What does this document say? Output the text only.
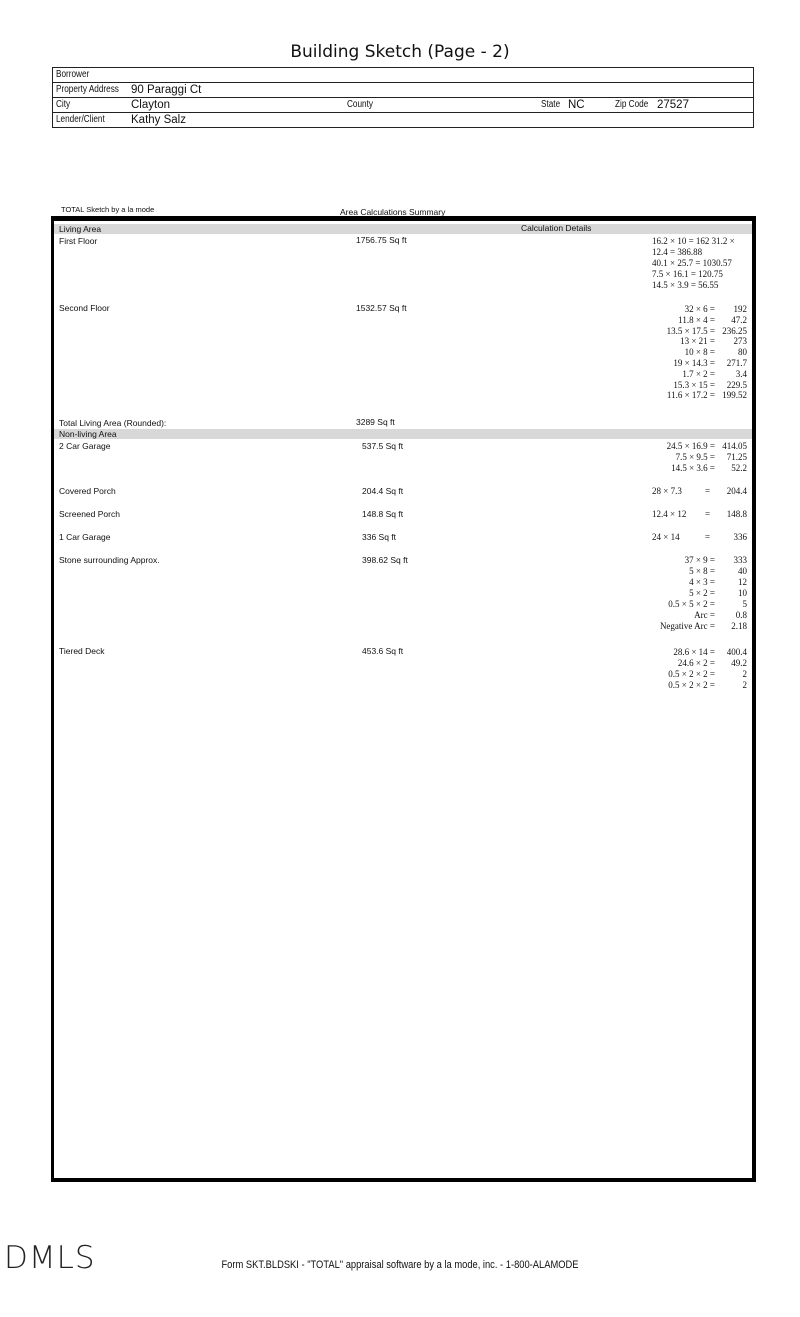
Building Sketch (Page - 2)
Borrower
Property Address 90 Paraggi Ct
City	Clayton	County	State NC	Zip Code 27527
Lender/Client Kathy Salz
TOTAL Sketch by a la mode	Area Calculations Summary
Living Area	Calculation Details
First Floor	1756.75 Sq ft	16.2 × 10 = 162 31.2 ×
12.4 = 386.88
40.1 × 25.7 = 1030.57
7.5 × 16.1 = 120.75
14.5 × 3.9 = 56.55
Second Floor	1532.57 Sq ft	32 × 6 =	192
11.8 × 4 =	47.2
13.5 × 17.5 = 236.25
13 × 21 =	273
10 × 8 =	80
19 × 14.3 =	271.7
1.7 × 2 =	3.4
15.3 × 15 =	229.5
11.6 × 17.2 = 199.52
Total Living Area (Rounded):	3289 Sq ft
Non-living Area
2 Car Garage	537.5 Sq ft	24.5 × 16.9 = 414.05
7.5 × 9.5 =	71.25
14.5 × 3.6 =	52.2
Covered Porch	204.4 Sq ft	28 × 7.3	=	204.4
Screened Porch	148.8 Sq ft	12.4 × 12 =	148.8
1 Car Garage	336 Sq ft	24 × 14	=	336
Stone surrounding Approx.	398.62 Sq ft	37 × 9 =	333
5 × 8 =	40
4 × 3 =	12
5 × 2 =	10
0.5 × 5 × 2 =	5
Arc =	0.8
Negative Arc =	2.18
Tiered Deck	453.6 Sq ft	28.6 × 14 =	400.4
24.6 × 2 =	49.2
0.5 × 2 × 2 =	2
0.5 × 2 × 2 =	2
DMLS	Form SKT.BLDSKI - "TOTAL" appraisal software by a la mode, inc. - 1-800-ALAMODE
